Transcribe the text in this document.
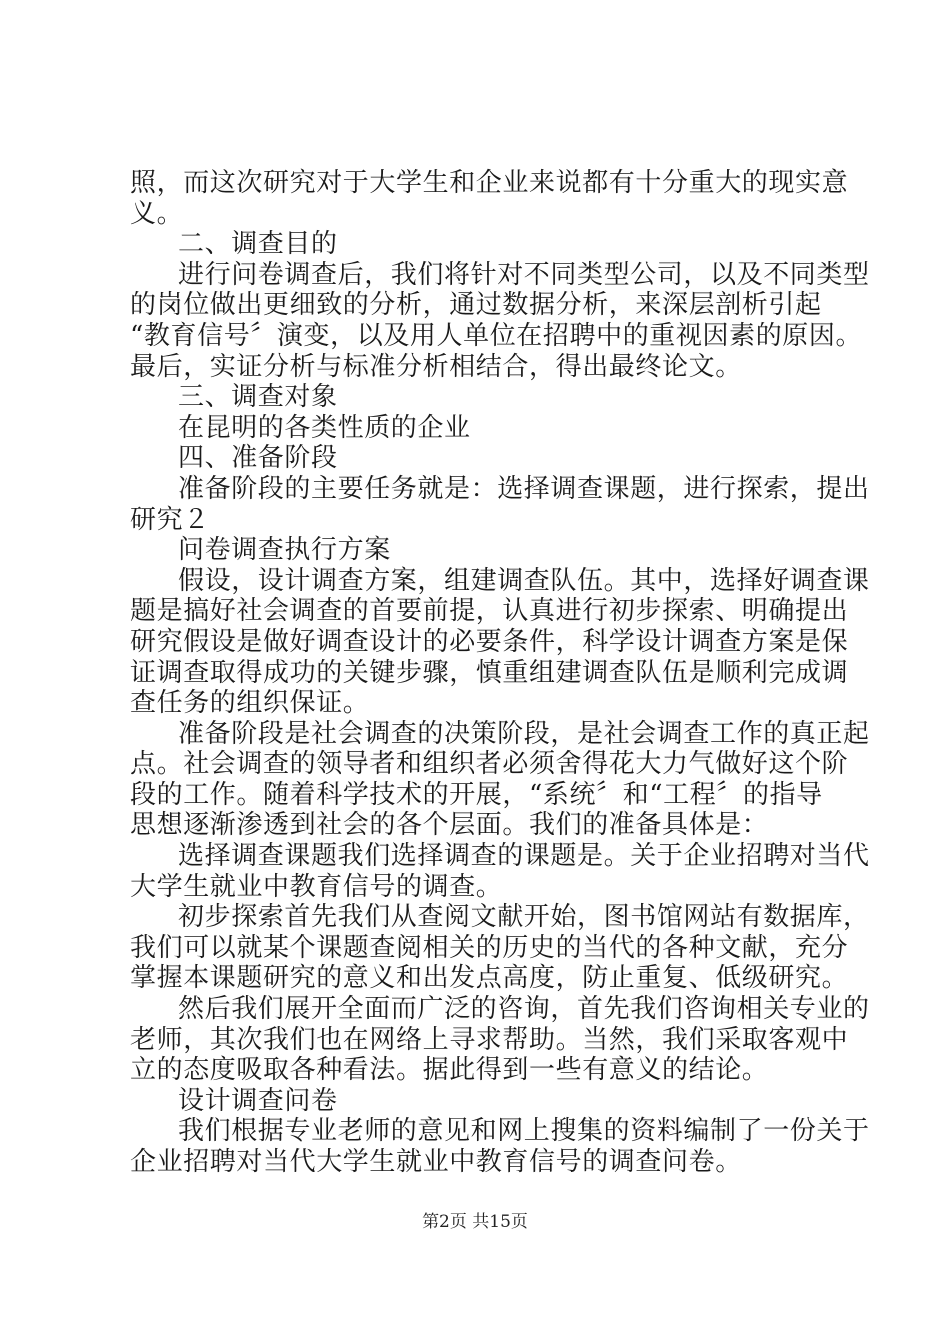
照，而这次研究对于大学生和企业来说都有十分重大的现实意
义。
二、调查目的
进行问卷调查后，我们将针对不同类型公司，以及不同类型
的岗位做出更细致的分析，通过数据分析，来深层剖析引起
“教育信号〞演变，以及用人单位在招聘中的重视因素的原因。
最后，实证分析与标准分析相结合，得出最终论文。
三、调查对象
在昆明的各类性质的企业
四、准备阶段
准备阶段的主要任务就是：选择调查课题，进行探索，提出
研究２
问卷调查执行方案
假设，设计调查方案，组建调查队伍。其中，选择好调查课
题是搞好社会调查的首要前提，认真进行初步探索、明确提出
研究假设是做好调查设计的必要条件，科学设计调查方案是保
证调查取得成功的关键步骤，慎重组建调查队伍是顺利完成调
查任务的组织保证。
准备阶段是社会调查的决策阶段，是社会调查工作的真正起
点。社会调查的领导者和组织者必须舍得花大力气做好这个阶
段的工作。随着科学技术的开展，“系统〞和“工程〞的指导
思想逐渐渗透到社会的各个层面。我们的准备具体是：
选择调查课题我们选择调查的课题是。关于企业招聘对当代
大学生就业中教育信号的调查。
初步探索首先我们从查阅文献开始，图书馆网站有数据库，
我们可以就某个课题查阅相关的历史的当代的各种文献，充分
掌握本课题研究的意义和出发点高度，防止重复、低级研究。
然后我们展开全面而广泛的咨询，首先我们咨询相关专业的
老师，其次我们也在网络上寻求帮助。当然，我们采取客观中
立的态度吸取各种看法。据此得到一些有意义的结论。
设计调查问卷
我们根据专业老师的意见和网上搜集的资料编制了一份关于
企业招聘对当代大学生就业中教育信号的调查问卷。
第2页 共15页
